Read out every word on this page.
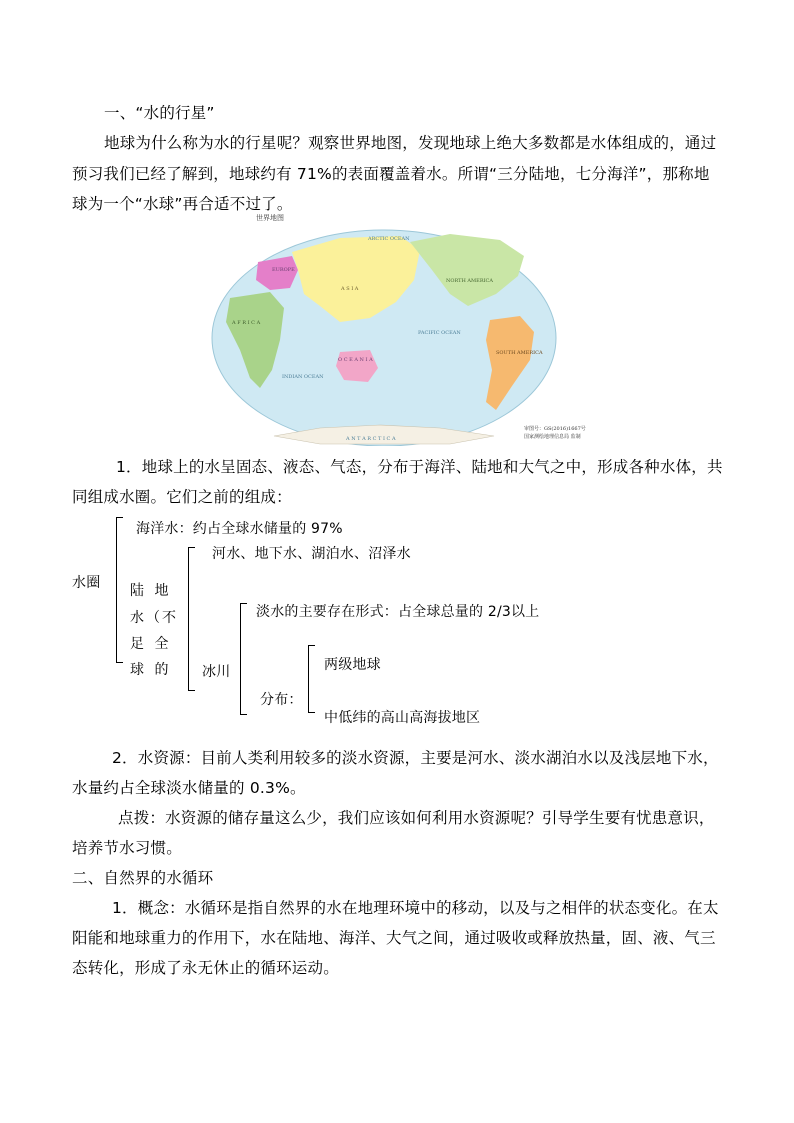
一、“水的行星”
地球为什么称为水的行星呢？观察世界地图，发现地球上绝大多数都是水体组成的，通过
预习我们已经了解到，地球约有 71%的表面覆盖着水。所谓“三分陆地，七分海洋”，那称地
球为一个“水球”再合适不过了。
世界地图
ARCTIC OCEAN
EUROPE
A S I A
NORTH AMERICA
A F R I C A
PACIFIC OCEAN
INDIAN OCEAN
O C E A N I A
SOUTH AMERICA
A N T A R C T I C A
审图号：GS(2016)1667号
国家测绘地理信息局 监制
1．地球上的水呈固态、液态、气态，分布于海洋、陆地和大气之中，形成各种水体，共
同组成水圈。它们之前的组成：
水圈
海洋水：约占全球水储量的 97%
陆 地
水（不
足 全
球 的
河水、地下水、湖泊水、沼泽水
冰川
淡水的主要存在形式：占全球总量的 2/3以上
分布：
两级地球
中低纬的高山高海拔地区
2．水资源：目前人类利用较多的淡水资源，主要是河水、淡水湖泊水以及浅层地下水，
水量约占全球淡水储量的 0.3%。
点拨：水资源的储存量这么少，我们应该如何利用水资源呢？引导学生要有忧患意识，
培养节水习惯。
二、自然界的水循环
1．概念：水循环是指自然界的水在地理环境中的移动，以及与之相伴的状态变化。在太
阳能和地球重力的作用下，水在陆地、海洋、大气之间，通过吸收或释放热量，固、液、气三
态转化，形成了永无休止的循环运动。
